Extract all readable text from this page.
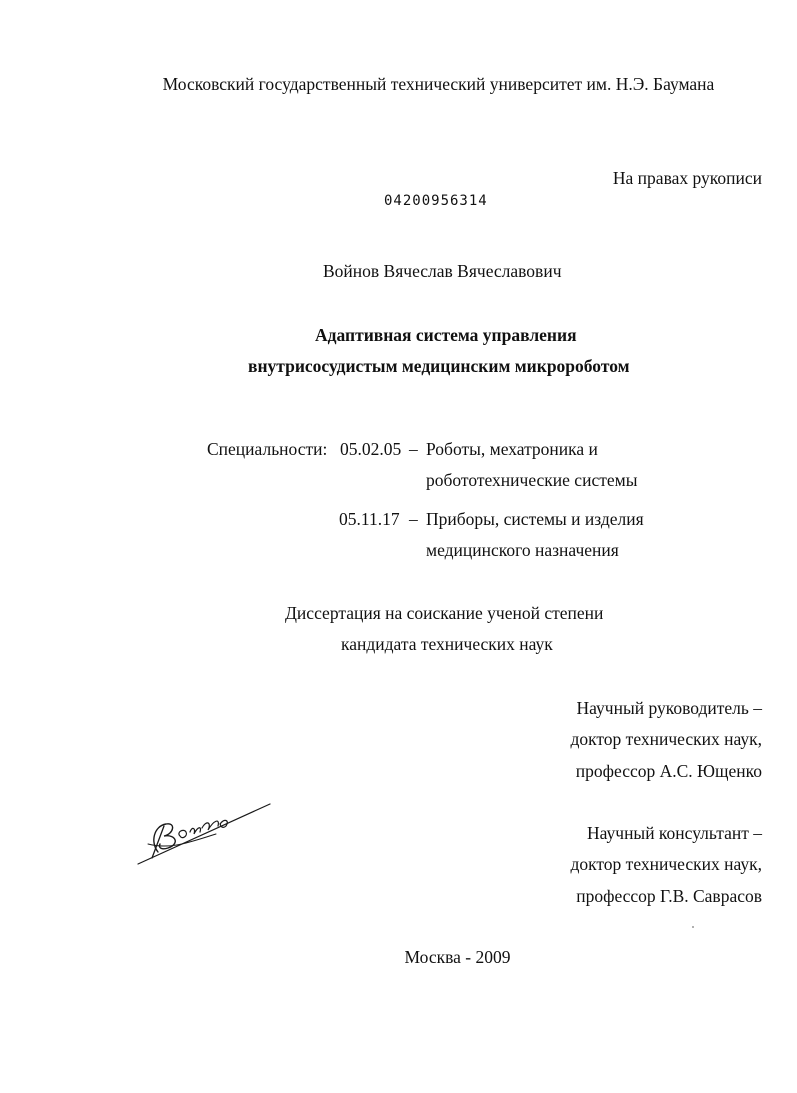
Московский государственный технический университет им. Н.Э. Баумана
На правах рукописи
04200956314
Войнов Вячеслав Вячеславович
Адаптивная система управления
внутрисосудистым медицинским микророботом
Специальности: 05.02.05 – Роботы, мехатроника и
робототехнические системы
05.11.17 – Приборы, системы и изделия
медицинского назначения
Диссертация на соискание ученой степени
кандидата технических наук
Научный руководитель –
доктор технических наук,
профессор А.С. Ющенко
Научный консультант –
доктор технических наук,
профессор Г.В. Саврасов
Москва - 2009
